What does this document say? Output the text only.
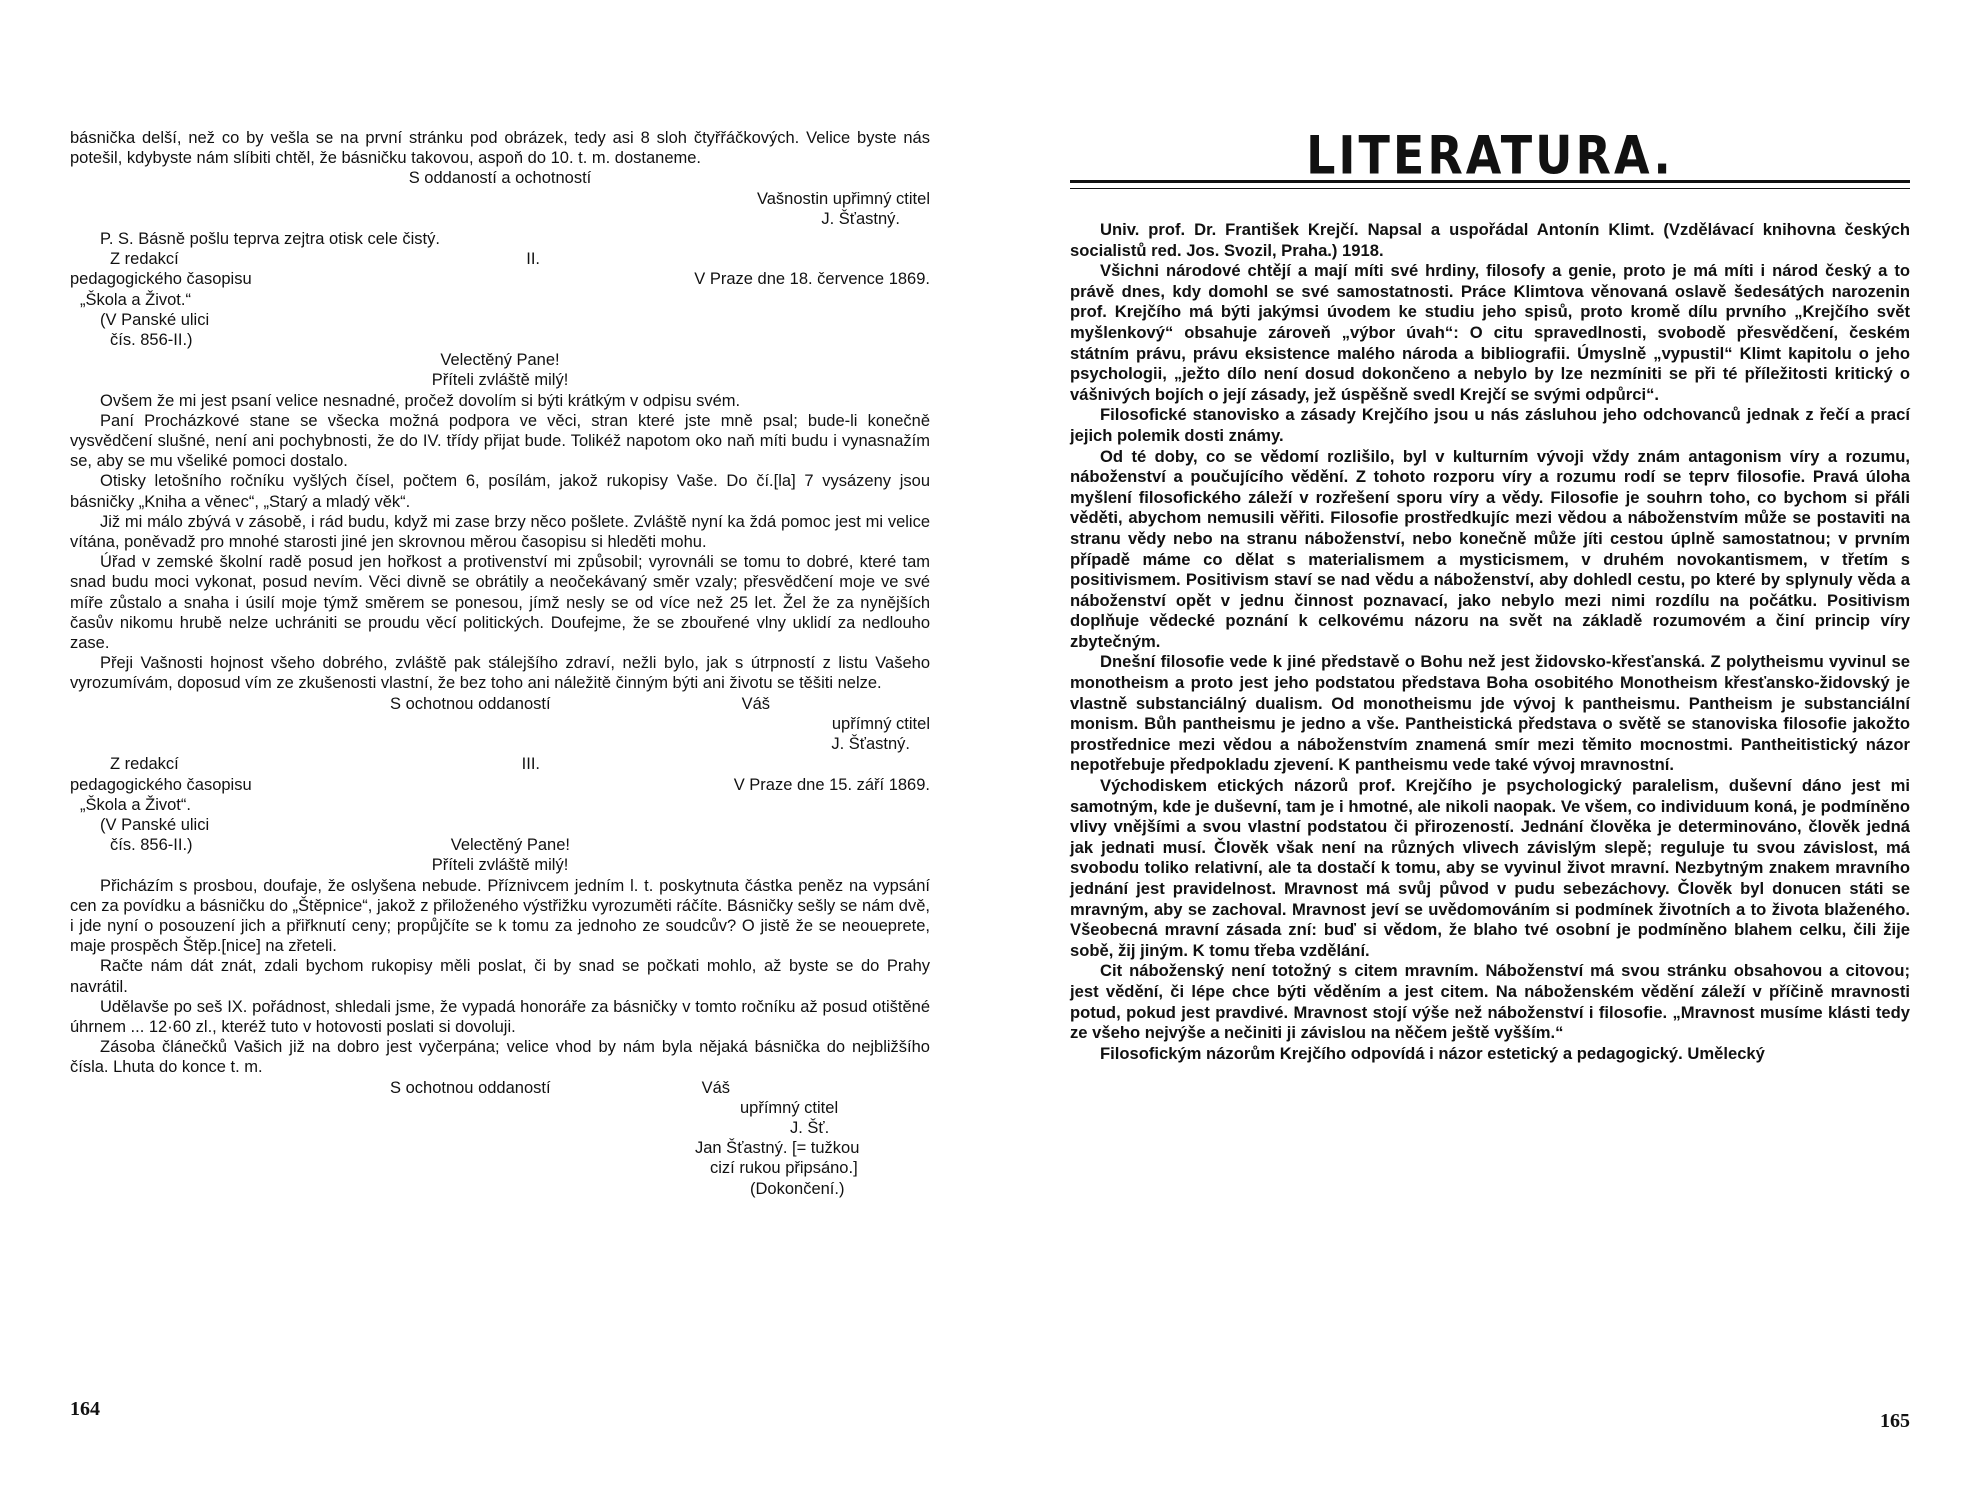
básnička delší, než co by vešla se na první stránku pod obrázek, tedy asi 8 sloh čtyřřáčkových. Velice byste nás potešil, kdybyste nám slíbiti chtěl, že básničku takovou, aspoň do 10. t. m. dostaneme.

S oddaností a ochotností
Vašnostin upřimný ctitel
J. Šťastný.

P. S. Básně pošlu teprva zejtra otisk cele čistý.

Z redakcí	II.
pedagogického časopisu	V Praze dne 18. července 1869.
„Škola a Život.“
(V Panské ulici
čís. 856-II.)
Velectěný Pane!
Příteli zvláště milý!

Ovšem že mi jest psaní velice nesnadné, pročež dovolím si býti krátkým v odpisu svém.

Paní Procházkové stane se všecka možná podpora ve věci, stran které jste mně psal; bude-li konečně vysvědčení slušné, není ani pochybnosti, že do IV. třídy přijat bude. Tolikéž napotom oko naň míti budu i vynasnažím se, aby se mu všeliké pomoci dostalo.

Otisky letošního ročníku vyšlých čísel, počtem 6, posílám, jakož rukopisy Vaše. Do čí.[la] 7 vysázeny jsou básničky „Kniha a věnec“, „Starý a mladý věk“.

Již mi málo zbývá v zásobě, i rád budu, když mi zase brzy něco pošlete. Zvláště nyní ka ždá pomoc jest mi velice vítána, poněvadž pro mnohé starosti jiné jen skrovnou měrou časopisu si hleděti mohu.

Úřad v zemské školní radě posud jen hořkost a protivenství mi způsobil; vyrovnáli se tomu to dobré, které tam snad budu moci vykonat, posud nevím. Věci divně se obrátily a neočekávaný směr vzaly; přesvědčení moje ve své míře zůstalo a snaha i úsilí moje týmž směrem se ponesou, jímž nesly se od více než 25 let. Žel že za nynějších časův nikomu hrubě nelze uchrániti se proudu věcí politických. Doufejme, že se zbouřené vlny uklidí za nedlouho zase.

Přeji Vašnosti hojnost všeho dobrého, zvláště pak stálejšího zdraví, nežli bylo, jak s útrpností z listu Vašeho vyrozumívám, doposud vím ze zkušenosti vlastní, že bez toho ani náležitě činným býti ani životu se těšiti nelze.

S ochotnou oddaností	Váš
upřímný ctitel
J. Šťastný.
Z redakcí	III.
pedagogického časopisu	V Praze dne 15. září 1869.
„Škola a Život“.
(V Panské ulici
čís. 856-II.)	Velectěný Pane!
Příteli zvláště milý!

Přicházím s prosbou, doufaje, že oslyšena nebude. Příznivcem jedním l. t. poskytnuta částka peněz na vypsání cen za povídku a básničku do „Štěpnice“, jakož z přiloženého výstřižku vyrozuměti ráčíte. Básničky sešly se nám dvě, i jde nyní o posouzení jich a přiřknutí ceny; propůjčíte se k tomu za jednoho ze soudcův? O jistě že se neoueprete, maje prospěch Štěp.[nice] na zřeteli.

Račte nám dát znát, zdali bychom rukopisy měli poslat, či by snad se počkati mohlo, až byste se do Prahy navrátil.

Udělavše po seš IX. pořádnost, shledali jsme, že vypadá honoráře za básničky v tomto ročníku až posud otištěné úhrnem ... 12·60 zl., kteréž tuto v hotovosti poslati si dovoluji.

Zásoba článečků Vašich již na dobro jest vyčerpána; velice vhod by nám byla nějaká básnička do nejbližšího čísla. Lhuta do konce t. m.

S ochotnou oddaností	Váš
upřímný ctitel
J. Šť.
Jan Šťastný. [= tužkou
cizí rukou připsáno.]
(Dokončení.)
164
LITERATURA.

Univ. prof. Dr. František Krejčí. Napsal a uspořádal Antonín Klimt. (Vzdělávací knihovna českých socialistů red. Jos. Svozil, Praha.) 1918.

Všichni národové chtějí a mají míti své hrdiny, filosofy a genie, proto je má míti i národ český a to právě dnes, kdy domohl se své samostatnosti. Práce Klimtova věnovaná oslavě šedesátých narozenin prof. Krejčího má býti jakýmsi úvodem ke studiu jeho spisů, proto kromě dílu prvního „Krejčího svět myšlenkový“ obsahuje zároveň „výbor úvah“: O citu spravedlnosti, svobodě přesvědčení, českém státním právu, právu eksistence malého národa a bibliografii. Úmyslně „vypustil“ Klimt kapitolu o jeho psychologii, „ježto dílo není dosud dokončeno a nebylo by lze nezmíniti se při té příležitosti kritický o vášnivých bojích o její zásady, jež úspěšně svedl Krejčí se svými odpůrci“.

Filosofické stanovisko a zásady Krejčího jsou u nás zásluhou jeho odchovanců jednak z řečí a prací jejich polemik dosti známy.

Od té doby, co se vědomí rozlišilo, byl v kulturním vývoji vždy znám antagonism víry a rozumu, náboženství a poučujícího vědění. Z tohoto rozporu víry a rozumu rodí se teprv filosofie. Pravá úloha myšlení filosofického záleží v rozřešení sporu víry a vědy. Filosofie je souhrn toho, co bychom si přáli věděti, abychom nemusili věřiti. Filosofie prostředkujíc mezi vědou a náboženstvím může se postaviti na stranu vědy nebo na stranu náboženství, nebo konečně může jíti cestou úplně samostatnou; v prvním případě máme co dělat s materialismem a mysticismem, v druhém novokantismem, v třetím s positivismem. Positivism staví se nad vědu a náboženství, aby dohledl cestu, po které by splynuly věda a náboženství opět v jednu činnost poznavací, jako nebylo mezi nimi rozdílu na počátku. Positivism doplňuje vědecké poznání k celkovému názoru na svět na základě rozumovém a činí princip víry zbytečným.

Dnešní filosofie vede k jiné představě o Bohu než jest židovsko-křesťanská. Z polytheismu vyvinul se monotheism a proto jest jeho podstatou představa Boha osobitého Monotheism křesťansko-židovský je vlastně substanciálný dualism. Od monotheismu jde vývoj k pantheismu. Pantheism je substanciální monism. Bůh pantheismu je jedno a vše. Pantheistická představa o světě se stanoviska filosofie jakožto prostřednice mezi vědou a náboženstvím znamená smír mezi těmito mocnostmi. Pantheitistický názor nepotřebuje předpokladu zjevení. K pantheismu vede také vývoj mravnostní.

Východiskem etických názorů prof. Krejčího je psychologický paralelism, duševní dáno jest mi samotným, kde je duševní, tam je i hmotné, ale nikoli naopak. Ve všem, co individuum koná, je podmíněno vlivy vnějšími a svou vlastní podstatou či přirozeností. Jednání člověka je determinováno, člověk jedná jak jednati musí. Člověk však není na různých vlivech závislým slepě; reguluje tu svou závislost, má svobodu toliko relativní, ale ta dostačí k tomu, aby se vyvinul život mravní. Nezbytným znakem mravního jednání jest pravidelnost. Mravnost má svůj původ v pudu sebezáchovy. Člověk byl donucen státi se mravným, aby se zachoval. Mravnost jeví se uvědomováním si podmínek životních a to života blaženého. Všeobecná mravní zásada zní: buď si vědom, že blaho tvé osobní je podmíněno blahem celku, čili žije sobě, žij jiným. K tomu třeba vzdělání.

Cit náboženský není totožný s citem mravním. Náboženství má svou stránku obsahovou a citovou; jest vědění, či lépe chce býti věděním a jest citem. Na náboženském vědění záleží v příčině mravnosti potud, pokud jest pravdivé. Mravnost stojí výše než náboženství i filosofie. „Mravnost musíme klásti tedy ze všeho nejvýše a nečiniti ji závislou na něčem ještě vyšším.“

Filosofickým názorům Krejčího odpovídá i názor estetický a pedagogický. Umělecký

165
